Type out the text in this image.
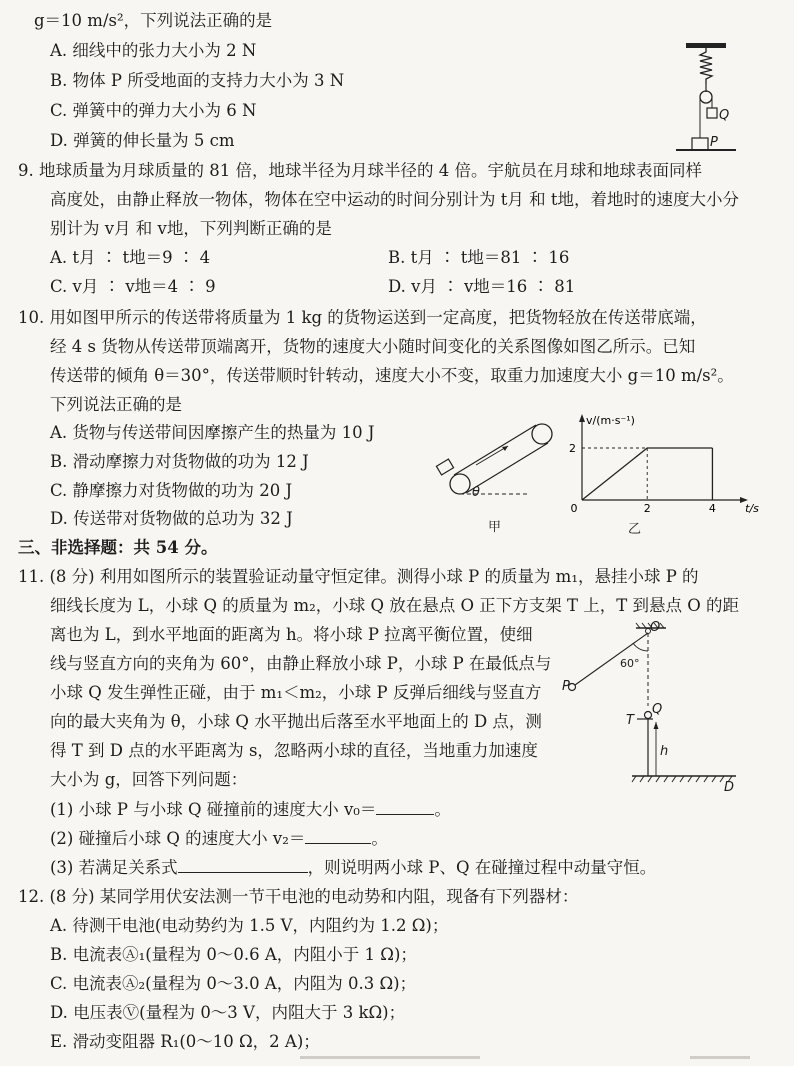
g＝10 m/s²，下列说法正确的是
A. 细线中的张力大小为 2 N
B. 物体 P 所受地面的支持力大小为 3 N
C. 弹簧中的弹力大小为 6 N
D. 弹簧的伸长量为 5 cm
Q
P
9. 地球质量为月球质量的 81 倍，地球半径为月球半径的 4 倍。宇航员在月球和地球表面同样
高度处，由静止释放一物体，物体在空中运动的时间分别计为 t月 和 t地，着地时的速度大小分
别计为 v月 和 v地，下列判断正确的是
A. t月 ∶ t地＝9 ∶ 4	B. t月 ∶ t地＝81 ∶ 16
C. v月 ∶ v地＝4 ∶ 9	D. v月 ∶ v地＝16 ∶ 81
10. 用如图甲所示的传送带将质量为 1 kg 的货物运送到一定高度，把货物轻放在传送带底端，
经 4 s 货物从传送带顶端离开，货物的速度大小随时间变化的关系图像如图乙所示。已知
传送带的倾角 θ＝30°，传送带顺时针转动，速度大小不变，取重力加速度大小 g＝10 m/s²。
下列说法正确的是
A. 货物与传送带间因摩擦产生的热量为 10 J
B. 滑动摩擦力对货物做的功为 12 J
C. 静摩擦力对货物做的功为 20 J
D. 传送带对货物做的总功为 32 J
θ
甲
0	2	4
2
v/(m·s⁻¹)
t/s
乙
三、非选择题：共 54 分。
11. (8 分) 利用如图所示的装置验证动量守恒定律。测得小球 P 的质量为 m₁，悬挂小球 P 的
细线长度为 L，小球 Q 的质量为 m₂，小球 Q 放在悬点 O 正下方支架 T 上，T 到悬点 O 的距
离也为 L，到水平地面的距离为 h。将小球 P 拉离平衡位置，使细
线与竖直方向的夹角为 60°，由静止释放小球 P，小球 P 在最低点与
小球 Q 发生弹性正碰，由于 m₁＜m₂，小球 P 反弹后细线与竖直方
向的最大夹角为 θ，小球 Q 水平抛出后落至水平地面上的 D 点，测
得 T 到 D 点的水平距离为 s，忽略两小球的直径，当地重力加速度
大小为 g，回答下列问题：
(1) 小球 P 与小球 Q 碰撞前的速度大小 v₀＝	。
(2) 碰撞后小球 Q 的速度大小 v₂＝	。
(3) 若满足关系式	，则说明两小球 P、Q 在碰撞过程中动量守恒。
O
60°
P
T
Q
h
D
12. (8 分) 某同学用伏安法测一节干电池的电动势和内阻，现备有下列器材：
A. 待测干电池(电动势约为 1.5 V，内阻约为 1.2 Ω)；
B. 电流表Ⓐ₁(量程为 0～0.6 A，内阻小于 1 Ω)；
C. 电流表Ⓐ₂(量程为 0～3.0 A，内阻为 0.3 Ω)；
D. 电压表Ⓥ(量程为 0～3 V，内阻大于 3 kΩ)；
E. 滑动变阻器 R₁(0～10 Ω，2 A)；
